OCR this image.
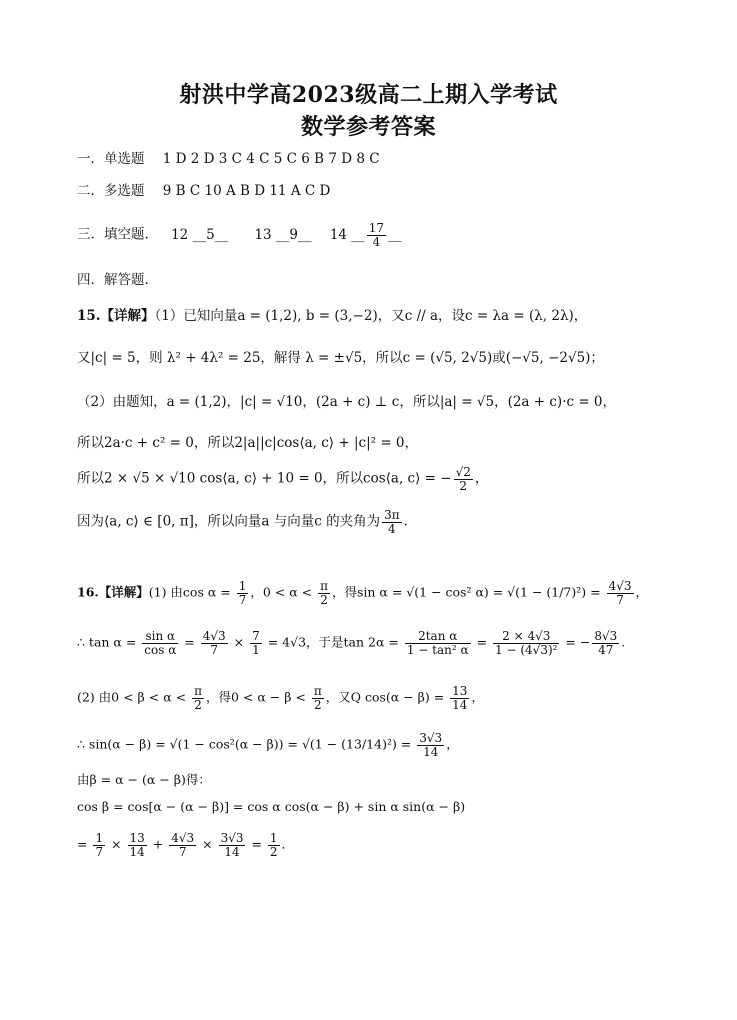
射洪中学高2023级高二上期入学考试
数学参考答案
一．单选题 1 D 2 D 3 C 4 C 5 C 6 B 7 D 8 C
二．多选题 9 B C 10 A B D 11 A C D
三．填空题. 12 __5__ 13 __9__ 14 __ $\frac{17}{4}$ __
四．解答题.
15.【详解】（1）已知向量a = (1,2), b = (3,−2)，又c // a，设c = λa = (λ, 2λ)，
又|c| = 5，则 λ² + 4λ² = 25，解得 λ = ±√5，所以c = (√5, 2√5)或(−√5, −2√5)；
（2）由题知，a = (1,2)，|c| = √10，(2a + c) ⊥ c，所以|a| = √5，(2a + c)·c = 0，
所以2a·c + c² = 0，所以2|a||c|cos⟨a, c⟩ + |c|² = 0，
所以2 × √5 × √10 cos⟨a, c⟩ + 10 = 0，所以cos⟨a, c⟩ = − $\frac{√2}{2}$ ，
因为⟨a, c⟩ ∈ [0, π]，所以向量a 与向量c 的夹角为 $\frac{3\pi}{4}$ ．
16.【详解】(1) 由$\cos \alpha = \frac{1}{7}$ ，$0 < \alpha < \frac{\pi}{2}$ ，得sin α = √(1 − cos² $\alpha) = √(1 - (1/7)^2) = \frac{4√3}{7}$ ，
∴ $\tan \alpha = \frac{\text{sin α}}{\text{cos α}} = \frac{4√3}{7} \times \frac{7}{1} = 4√3$，于是$\tan 2\alpha = \frac{\text{2tan α}}{\text{1 − tan² α}} = \frac{2 \times 4√3}{\text{1 − (4√3)²}}$ = − $\frac{8√3}{47}$ .
(2) 由$0 < \beta < \alpha < \frac{\pi}{2}$ ，得$0 < \alpha - \beta < \frac{\pi}{2}$ ，又Q $\cos(\alpha - \beta) = \frac{13}{14}$ ，
∴ $\sin(\alpha - \beta) = √(1 - \cos^2(\alpha - \beta)) = √(1 - (13/14)^2) = \frac{3√3}{14}$ ，
由β = α − (α − β)得：
cos β = cos[α − (α − β)] = cos α cos(α − β) + sin α sin(α − β)
= $\frac{1}{7} \times \frac{13}{14} + \frac{4√3}{7} \times \frac{3√3}{14} = \frac{1}{2}$ ．
